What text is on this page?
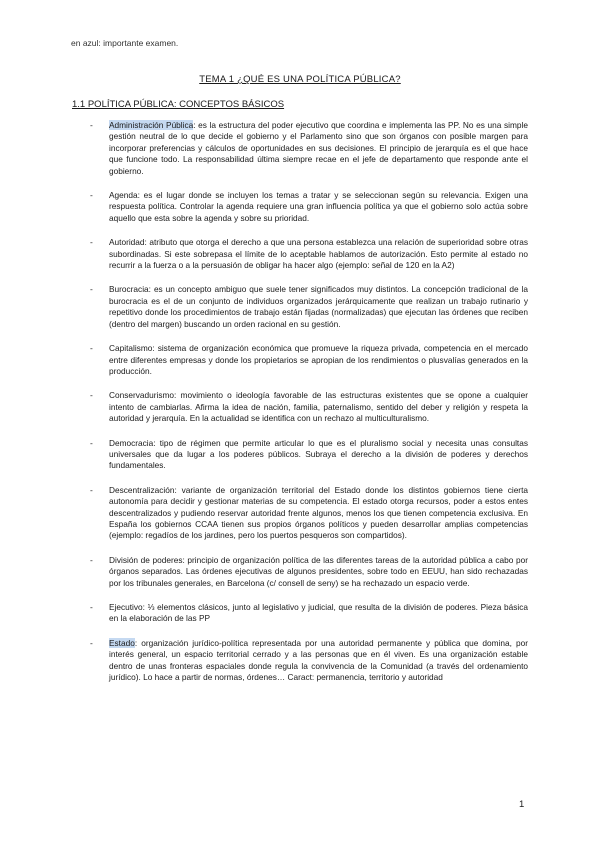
en azul: importante examen.
TEMA 1 ¿QUÉ ES UNA POLÍTICA PÚBLICA?
1.1 POLÍTICA PÚBLICA: CONCEPTOS BÁSICOS
- Administración Pública: es la estructura del poder ejecutivo que coordina e implementa las PP. No es una simple gestión neutral de lo que decide el gobierno y el Parlamento sino que son órganos con posible margen para incorporar preferencias y cálculos de oportunidades en sus decisiones. El principio de jerarquía es el que hace que funcione todo. La responsabilidad última siempre recae en el jefe de departamento que responde ante el gobierno.
- Agenda: es el lugar donde se incluyen los temas a tratar y se seleccionan según su relevancia. Exigen una respuesta política. Controlar la agenda requiere una gran influencia política ya que el gobierno solo actúa sobre aquello que esta sobre la agenda y sobre su prioridad.
- Autoridad: atributo que otorga el derecho a que una persona establezca una relación de superioridad sobre otras subordinadas. Si este sobrepasa el límite de lo aceptable hablamos de autorización. Esto permite al estado no recurrir a la fuerza o a la persuasión de obligar ha hacer algo (ejemplo: señal de 120 en la A2)
- Burocracia: es un concepto ambiguo que suele tener significados muy distintos. La concepción tradicional de la burocracia es el de un conjunto de individuos organizados jerárquicamente que realizan un trabajo rutinario y repetitivo donde los procedimientos de trabajo están fijadas (normalizadas) que ejecutan las órdenes que reciben (dentro del margen) buscando un orden racional en su gestión.
- Capitalismo: sistema de organización económica que promueve la riqueza privada, competencia en el mercado entre diferentes empresas y donde los propietarios se apropian de los rendimientos o plusvalías generados en la producción.
- Conservadurismo: movimiento o ideología favorable de las estructuras existentes que se opone a cualquier intento de cambiarlas. Afirma la idea de nación, familia, paternalismo, sentido del deber y religión y respeta la autoridad y jerarquía. En la actualidad se identifica con un rechazo al multiculturalismo.
- Democracia: tipo de régimen que permite articular lo que es el pluralismo social y necesita unas consultas universales que da lugar a los poderes públicos. Subraya el derecho a la división de poderes y derechos fundamentales.
- Descentralización: variante de organización territorial del Estado donde los distintos gobiernos tiene cierta autonomía para decidir y gestionar materias de su competencia. El estado otorga recursos, poder a estos entes descentralizados y pudiendo reservar autoridad frente algunos, menos los que tienen competencia exclusiva. En España los gobiernos CCAA tienen sus propios órganos políticos y pueden desarrollar amplias competencias (ejemplo: regadíos de los jardines, pero los puertos pesqueros son compartidos).
- División de poderes: principio de organización política de las diferentes tareas de la autoridad pública a cabo por órganos separados. Las órdenes ejecutivas de algunos presidentes, sobre todo en EEUU, han sido rechazadas por los tribunales generales, en Barcelona (c/ consell de seny) se ha rechazado un espacio verde.
- Ejecutivo: ⅓ elementos clásicos, junto al legislativo y judicial, que resulta de la división de poderes. Pieza básica en la elaboración de las PP
- Estado: organización jurídico-política representada por una autoridad permanente y pública que domina, por interés general, un espacio territorial cerrado y a las personas que en él viven. Es una organización estable dentro de unas fronteras espaciales donde regula la convivencia de la Comunidad (a través del ordenamiento jurídico). Lo hace a partir de normas, órdenes… Caract: permanencia, territorio y autoridad
1
